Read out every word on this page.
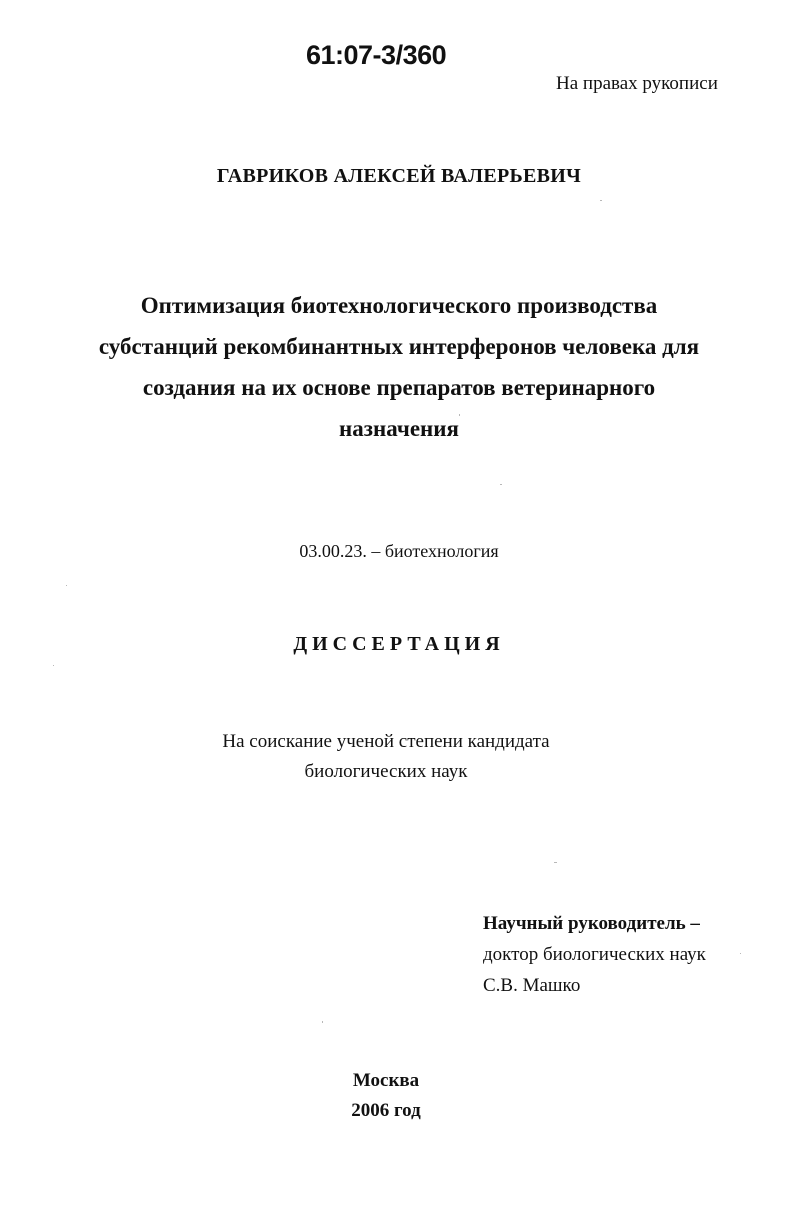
61:07-3/360
На правах рукописи
ГАВРИКОВ АЛЕКСЕЙ ВАЛЕРЬЕВИЧ
Оптимизация биотехнологического производства
субстанций рекомбинантных интерферонов человека для
создания на их основе препаратов ветеринарного
назначения
03.00.23. – биотехнология
ДИССЕРТАЦИЯ
На соискание ученой степени кандидата
биологических наук
Научный руководитель –
доктор биологических наук
С.В. Машко
Москва
2006 год
